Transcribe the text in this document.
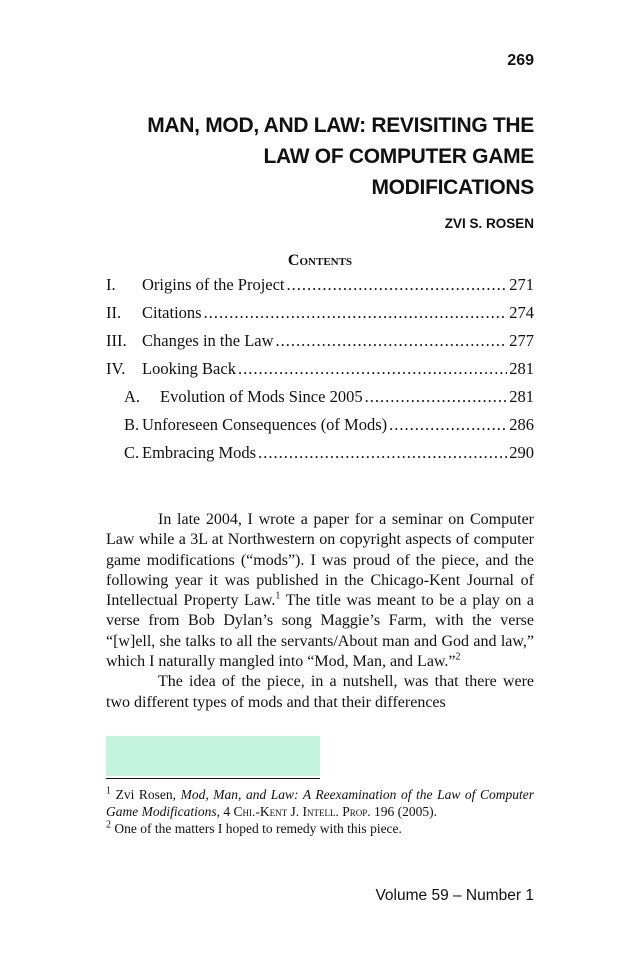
269
MAN, MOD, AND LAW: REVISITING THE
LAW OF COMPUTER GAME
MODIFICATIONS
ZVI S. ROSEN
Contents
I.	Origins of the Project .....	271
II.	Citations .....	274
III. Changes in the Law .....	277
IV.	Looking Back .....	281
A.	Evolution of Mods Since 2005 .....	281
B. Unforeseen Consequences (of Mods) .....	286
C. Embracing Mods .....	290

In late 2004, I wrote a paper for a seminar on Computer Law while a 3L at Northwestern on copyright aspects of computer game modifications (“mods”). I was proud of the piece, and the following year it was published in the Chicago-Kent Journal of Intellectual Property Law.$^1$ The title was meant to be a play on a verse from Bob Dylan’s song Maggie’s Farm, with the verse “[w]ell, she talks to all the servants/About man and God and law,” which I naturally mangled into “Mod, Man, and Law.”$^2$

The idea of the piece, in a nutshell, was that there were two different types of mods and that their differences

$^1$ Zvi Rosen, Mod, Man, and Law: A Reexamination of the Law of Computer Game Modifications, 4 Chi.-Kent J. Intell. Prop. 196 (2005).

$^2$ One of the matters I hoped to remedy with this piece.

Volume 59 – Number 1
